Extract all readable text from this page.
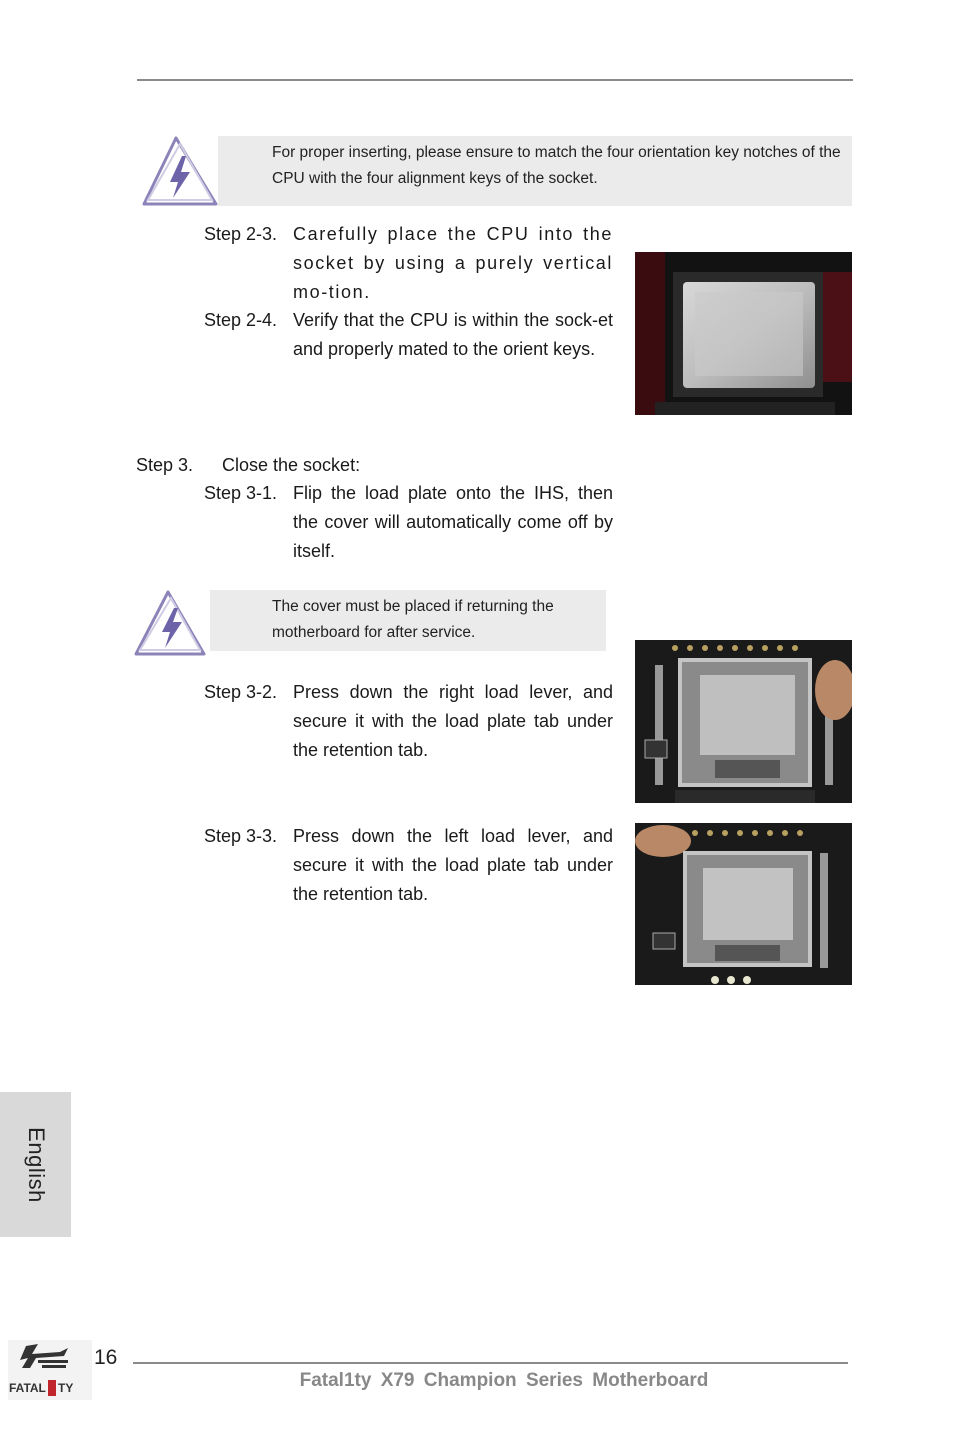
For proper inserting, please ensure to match the four orientation key notches of the CPU with the four alignment keys of the socket.
Step 2-3. Carefully place the CPU into the socket by using a purely vertical mo-tion.
Step 2-4. Verify that the CPU is within the sock-et and properly mated to the orient keys.
Step 3. Close the socket:
Step 3-1. Flip the load plate onto the IHS, then the cover will automatically come off by itself.
The cover must be placed if returning the motherboard for after service.
Step 3-2. Press down the right load lever, and secure it with the load plate tab under the retention tab.
Step 3-3. Press down the left load lever, and secure it with the load plate tab under the retention tab.
English
FATAL TY
16
Fatal1ty X79 Champion Series Motherboard
